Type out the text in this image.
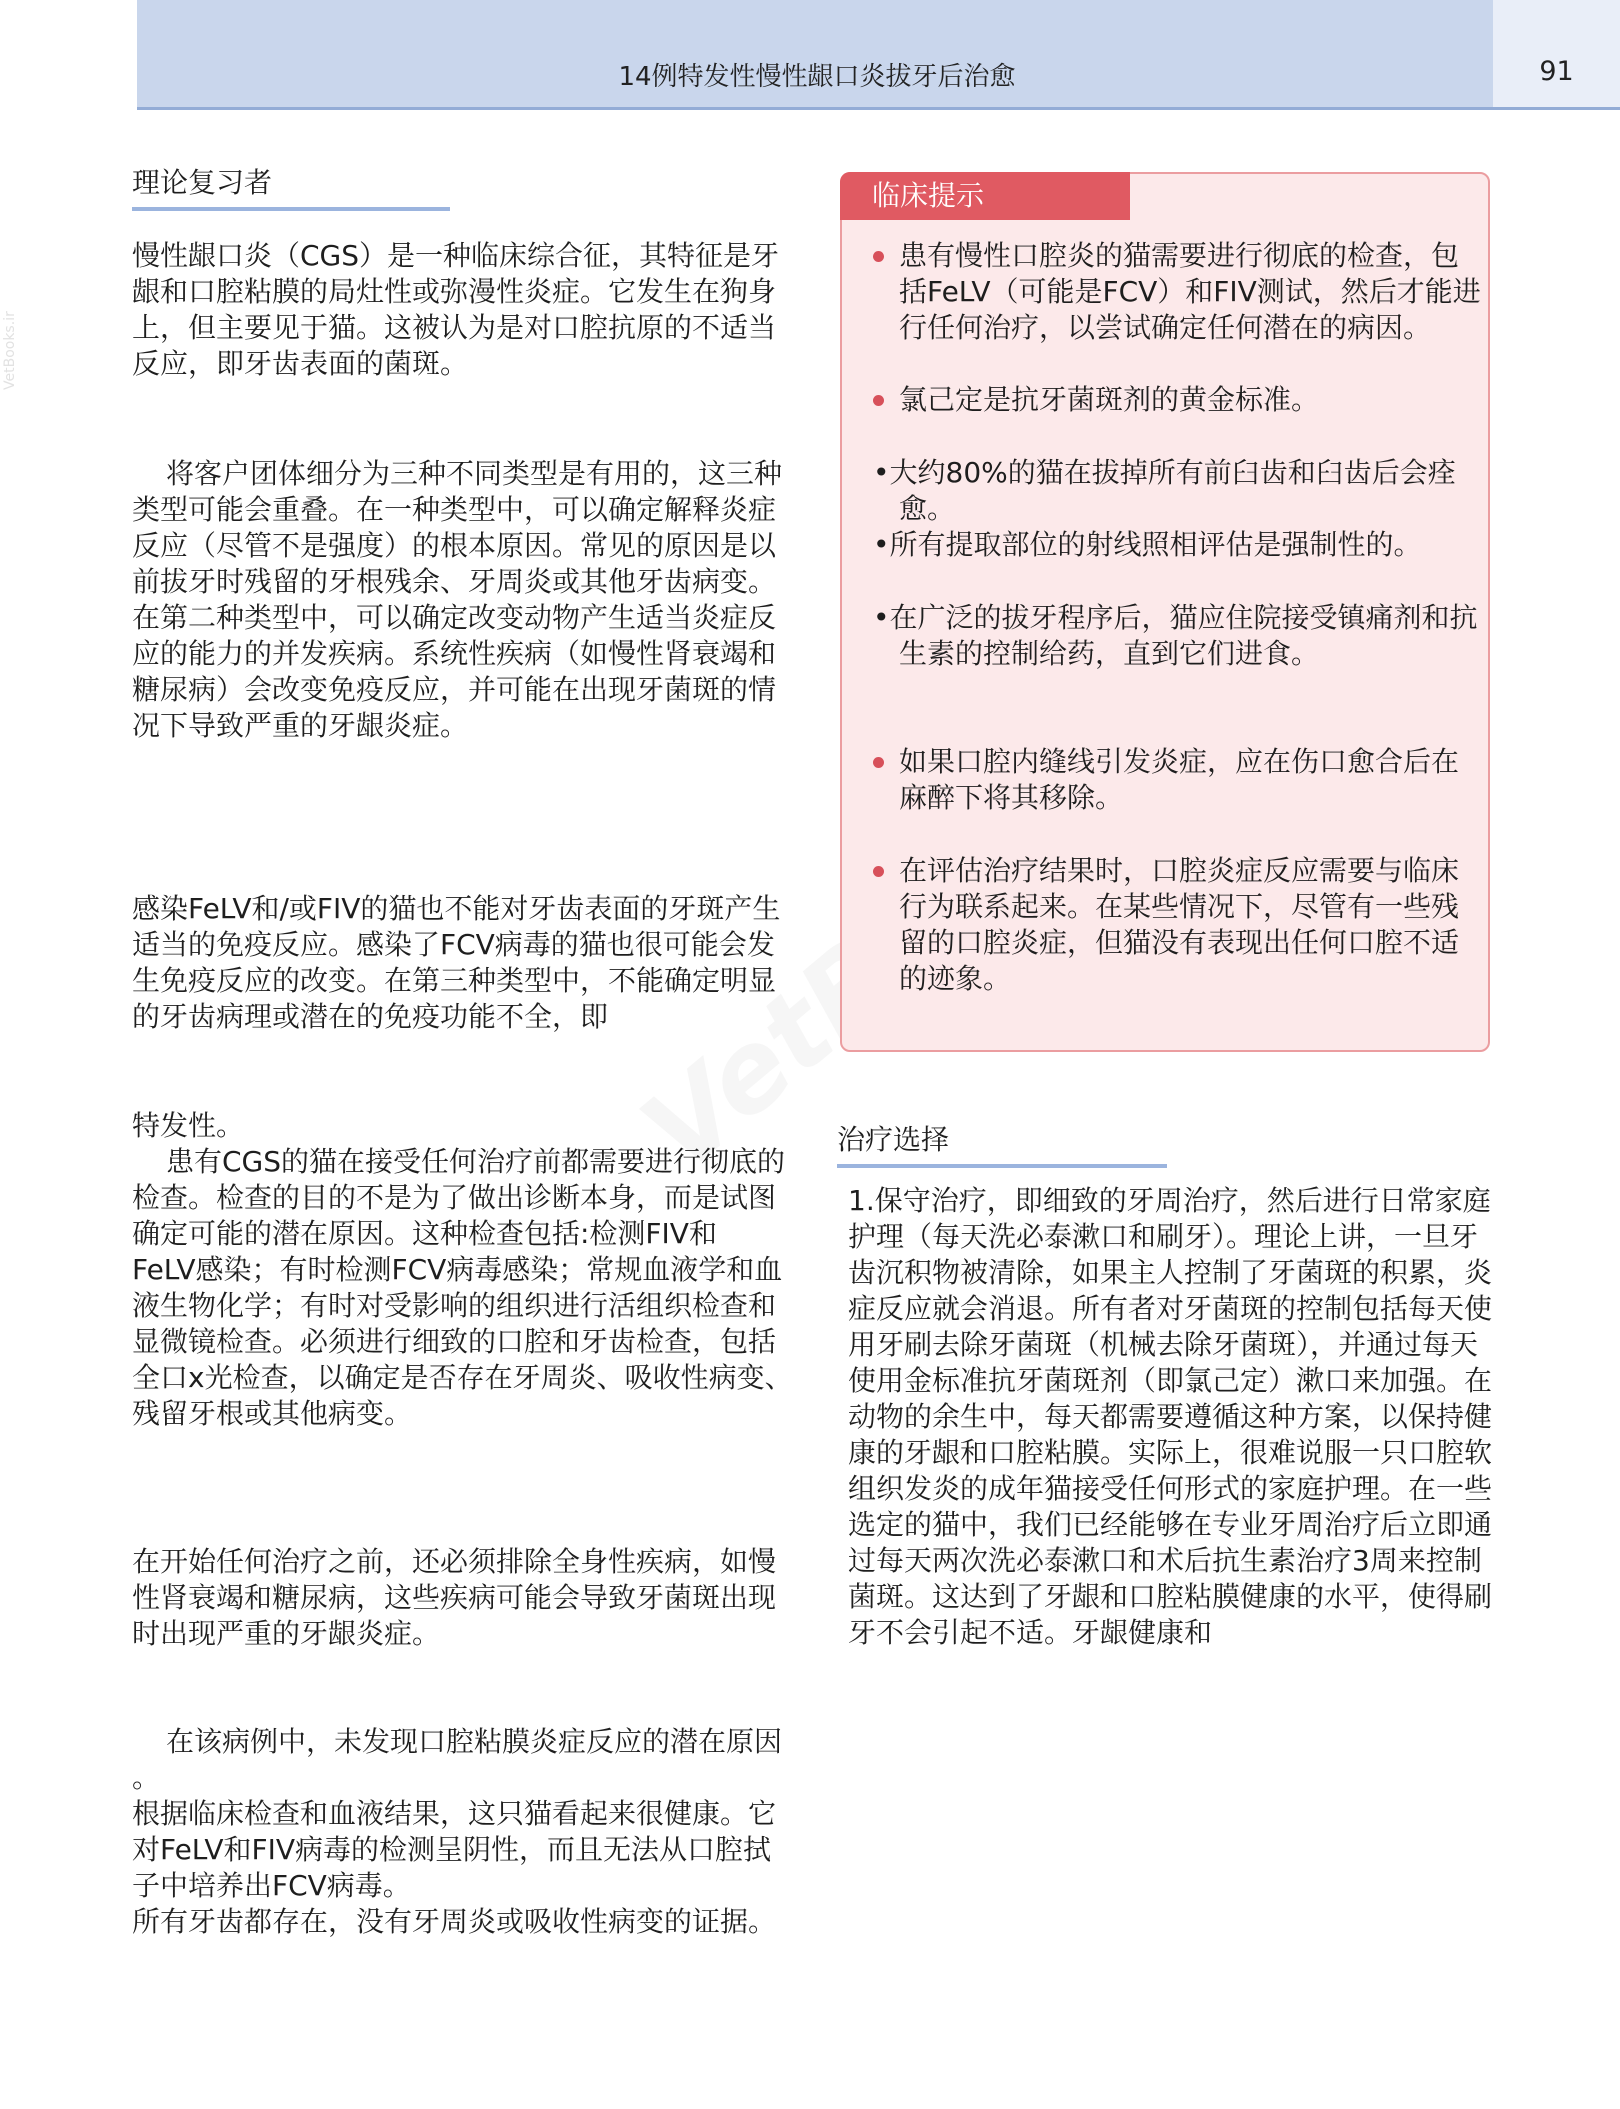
14例特发性慢性龈口炎拔牙后治愈	91
VetBooks.ir
理论复习者
慢性龈口炎（CGS）是一种临床综合征，其特征是牙
龈和口腔粘膜的局灶性或弥漫性炎症。它发生在狗身
上，但主要见于猫。这被认为是对口腔抗原的不适当
反应，即牙齿表面的菌斑。
将客户团体细分为三种不同类型是有用的，这三种
类型可能会重叠。在一种类型中，可以确定解释炎症
反应（尽管不是强度）的根本原因。常见的原因是以
前拔牙时残留的牙根残余、牙周炎或其他牙齿病变。
在第二种类型中，可以确定改变动物产生适当炎症反
应的能力的并发疾病。系统性疾病（如慢性肾衰竭和
糖尿病）会改变免疫反应，并可能在出现牙菌斑的情
况下导致严重的牙龈炎症。
感染FeLV和/或FIV的猫也不能对牙齿表面的牙斑产生
适当的免疫反应。感染了FCV病毒的猫也很可能会发
生免疫反应的改变。在第三种类型中，不能确定明显
的牙齿病理或潜在的免疫功能不全，即
特发性。
患有CGS的猫在接受任何治疗前都需要进行彻底的
检查。检查的目的不是为了做出诊断本身，而是试图
确定可能的潜在原因。这种检查包括:检测FIV和
FeLV感染；有时检测FCV病毒感染；常规血液学和血
液生物化学；有时对受影响的组织进行活组织检查和
显微镜检查。必须进行细致的口腔和牙齿检查，包括
全口x光检查，以确定是否存在牙周炎、吸收性病变、
残留牙根或其他病变。
在开始任何治疗之前，还必须排除全身性疾病，如慢
性肾衰竭和糖尿病，这些疾病可能会导致牙菌斑出现
时出现严重的牙龈炎症。
在该病例中，未发现口腔粘膜炎症反应的潜在原因
。
根据临床检查和血液结果，这只猫看起来很健康。它
对FeLV和FIV病毒的检测呈阴性，而且无法从口腔拭
子中培养出FCV病毒。
所有牙齿都存在，没有牙周炎或吸收性病变的证据。
临床提示
患有慢性口腔炎的猫需要进行彻底的检查，包
括FeLV（可能是FCV）和FIV测试，然后才能进
行任何治疗，以尝试确定任何潜在的病因。
氯己定是抗牙菌斑剂的黄金标准。
•大约80%的猫在拔掉所有前臼齿和臼齿后会痊
愈。
•所有提取部位的射线照相评估是强制性的。
•在广泛的拔牙程序后，猫应住院接受镇痛剂和抗
生素的控制给药，直到它们进食。
如果口腔内缝线引发炎症，应在伤口愈合后在
麻醉下将其移除。
在评估治疗结果时，口腔炎症反应需要与临床
行为联系起来。在某些情况下，尽管有一些残
留的口腔炎症，但猫没有表现出任何口腔不适
的迹象。
治疗选择
1.保守治疗，即细致的牙周治疗，然后进行日常家庭
护理（每天洗必泰漱口和刷牙）。理论上讲，一旦牙
齿沉积物被清除，如果主人控制了牙菌斑的积累，炎
症反应就会消退。所有者对牙菌斑的控制包括每天使
用牙刷去除牙菌斑（机械去除牙菌斑），并通过每天
使用金标准抗牙菌斑剂（即氯己定）漱口来加强。在
动物的余生中，每天都需要遵循这种方案，以保持健
康的牙龈和口腔粘膜。实际上，很难说服一只口腔软
组织发炎的成年猫接受任何形式的家庭护理。在一些
选定的猫中，我们已经能够在专业牙周治疗后立即通
过每天两次洗必泰漱口和术后抗生素治疗3周来控制
菌斑。这达到了牙龈和口腔粘膜健康的水平，使得刷
牙不会引起不适。牙龈健康和
